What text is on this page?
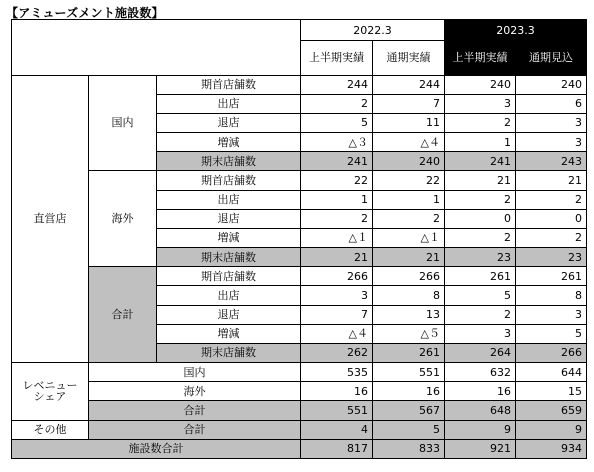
【アミューズメント施設数】
			2022.3		2023.3	
			上半期実績	通期実績	上半期実績	通期見込
直営店	国内	期首店舗数	244	244	240	240
		出店	2	7	3	6
		退店	5	11	2	3
		増減	△３	△４	1	3
		期末店舗数	241	240	241	243
	海外	期首店舗数	22	22	21	21
		出店	1	1	2	2
		退店	2	2	0	0
		増減	△１	△１	2	2
		期末店舗数	21	21	23	23
	合計	期首店舗数	266	266	261	261
		出店	3	8	5	8
		退店	7	13	2	3
		増減	△４	△５	3	5
		期末店舗数	262	261	264	266
レベニュー
シェア	国内		535	551	632	644
	海外		16	16	16	15
	合計		551	567	648	659
その他	合計		4	5	9	9
施設数合計			817	833	921	934
